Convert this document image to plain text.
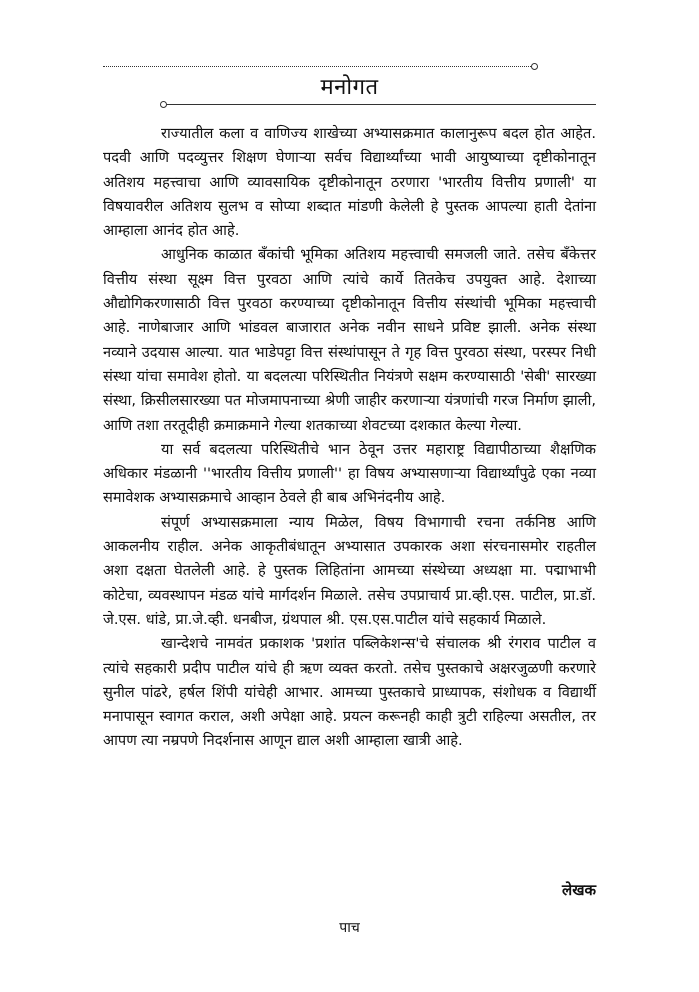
मनोगत

राज्यातील कला व वाणिज्य शाखेच्या अभ्यासक्रमात कालानुरूप बदल होत आहेत. पदवी आणि पदव्युत्तर शिक्षण घेणाऱ्या सर्वच विद्यार्थ्यांच्या भावी आयुष्याच्या दृष्टीकोनातून अतिशय महत्त्वाचा आणि व्यावसायिक दृष्टीकोनातून ठरणारा 'भारतीय वित्तीय प्रणाली' या विषयावरील अतिशय सुलभ व सोप्या शब्दात मांडणी केलेली हे पुस्तक आपल्या हाती देतांना आम्हाला आनंद होत आहे.

आधुनिक काळात बँकांची भूमिका अतिशय महत्त्वाची समजली जाते. तसेच बँकेत्तर वित्तीय संस्था सूक्ष्म वित्त पुरवठा आणि त्यांचे कार्ये तितकेच उपयुक्त आहे. देशाच्या औद्योगिकरणासाठी वित्त पुरवठा करण्याच्या दृष्टीकोनातून वित्तीय संस्थांची भूमिका महत्त्वाची आहे. नाणेबाजार आणि भांडवल बाजारात अनेक नवीन साधने प्रविष्ट झाली. अनेक संस्था नव्याने उदयास आल्या. यात भाडेपट्टा वित्त संस्थांपासून ते गृह वित्त पुरवठा संस्था, परस्पर निधी संस्था यांचा समावेश होतो. या बदलत्या परिस्थितीत नियंत्रणे सक्षम करण्यासाठी 'सेबी' सारख्या संस्था, क्रिसीलसारख्या पत मोजमापनाच्या श्रेणी जाहीर करणाऱ्या यंत्रणांची गरज निर्माण झाली, आणि तशा तरतूदीही क्रमाक्रमाने गेल्या शतकाच्या शेवटच्या दशकात केल्या गेल्या.

या सर्व बदलत्या परिस्थितीचे भान ठेवून उत्तर महाराष्ट्र विद्यापीठाच्या शैक्षणिक अधिकार मंडळानी ''भारतीय वित्तीय प्रणाली'' हा विषय अभ्यासणाऱ्या विद्यार्थ्यांपुढे एका नव्या समावेशक अभ्यासक्रमाचे आव्हान ठेवले ही बाब अभिनंदनीय आहे.

संपूर्ण अभ्यासक्रमाला न्याय मिळेल, विषय विभागाची रचना तर्कनिष्ठ आणि आकलनीय राहील. अनेक आकृतीबंधातून अभ्यासात उपकारक अशा संरचनासमोर राहतील अशा दक्षता घेतलेली आहे. हे पुस्तक लिहितांना आमच्या संस्थेच्या अध्यक्षा मा. पद्माभाभी कोटेचा, व्यवस्थापन मंडळ यांचे मार्गदर्शन मिळाले. तसेच उपप्राचार्य प्रा.व्ही.एस. पाटील, प्रा.डॉ. जे.एस. धांडे, प्रा.जे.व्ही. धनबीज, ग्रंथपाल श्री. एस.एस.पाटील यांचे सहकार्य मिळाले.

खान्देशचे नामवंत प्रकाशक 'प्रशांत पब्लिकेशन्स'चे संचालक श्री रंगराव पाटील व त्यांचे सहकारी प्रदीप पाटील यांचे ही ऋण व्यक्त करतो. तसेच पुस्तकाचे अक्षरजुळणी करणारे सुनील पांढरे, हर्षल शिंपी यांचेही आभार. आमच्या पुस्तकाचे प्राध्यापक, संशोधक व विद्यार्थी मनापासून स्वागत कराल, अशी अपेक्षा आहे. प्रयत्न करूनही काही त्रुटी राहिल्या असतील, तर आपण त्या नम्रपणे निदर्शनास आणून द्याल अशी आम्हाला खात्री आहे.

लेखक
पाच
